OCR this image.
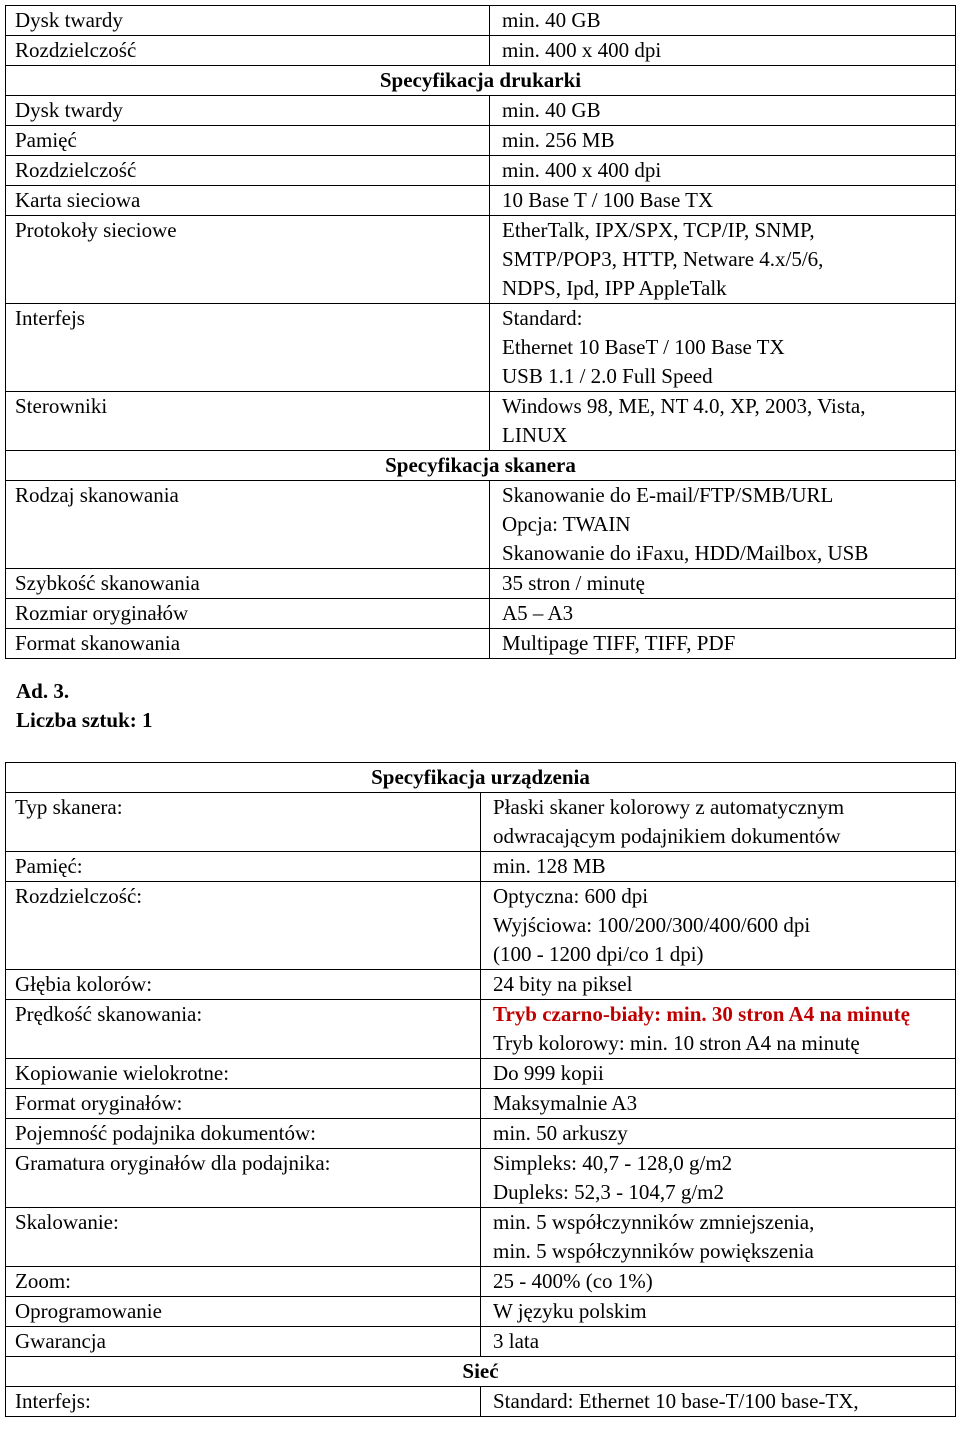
Dysk twardy	min. 40 GB

Rozdzielczość	min. 400 x 400 dpi

Specyfikacja drukarki	
Dysk twardy	min. 40 GB

Pamięć	min. 256 MB

Rozdzielczość	min. 400 x 400 dpi

Karta sieciowa	10 Base T / 100 Base TX

Protokoły sieciowe	EtherTalk, IPX/SPX, TCP/IP, SNMP,
SMTP/POP3, HTTP, Netware 4.x/5/6,
NDPS, Ipd, IPP AppleTalk

Interfejs	Standard:
Ethernet 10 BaseT / 100 Base TX
USB 1.1 / 2.0 Full Speed

Sterowniki	Windows 98, ME, NT 4.0, XP, 2003, Vista,
LINUX

Specyfikacja skanera	
Rodzaj skanowania	Skanowanie do E-mail/FTP/SMB/URL
Opcja: TWAIN
Skanowanie do iFaxu, HDD/Mailbox, USB

Szybkość skanowania	35 stron / minutę

Rozmiar oryginałów	A5 – A3

Format skanowania	Multipage TIFF, TIFF, PDF
Ad. 3.
Liczba sztuk: 1
Specyfikacja urządzenia	
Typ skanera:	Płaski skaner kolorowy z automatycznym
odwracającym podajnikiem dokumentów

Pamięć:	min. 128 MB

Rozdzielczość:	Optyczna: 600 dpi
Wyjściowa: 100/200/300/400/600 dpi
(100 - 1200 dpi/co 1 dpi)

Głębia kolorów:	24 bity na piksel

Prędkość skanowania:	Tryb czarno-biały: min. 30 stron A4 na minutę
Tryb kolorowy: min. 10 stron A4 na minutę

Kopiowanie wielokrotne:	Do 999 kopii

Format oryginałów:	Maksymalnie A3

Pojemność podajnika dokumentów:	min. 50 arkuszy

Gramatura oryginałów dla podajnika:	Simpleks: 40,7 - 128,0 g/m2
Dupleks: 52,3 - 104,7 g/m2

Skalowanie:	min. 5 współczynników zmniejszenia,
min. 5 współczynników powiększenia

Zoom:	25 - 400% (co 1%)

Oprogramowanie	W języku polskim

Gwarancja	3 lata

Sieć	
Interfejs:	Standard: Ethernet 10 base-T/100 base-TX,
